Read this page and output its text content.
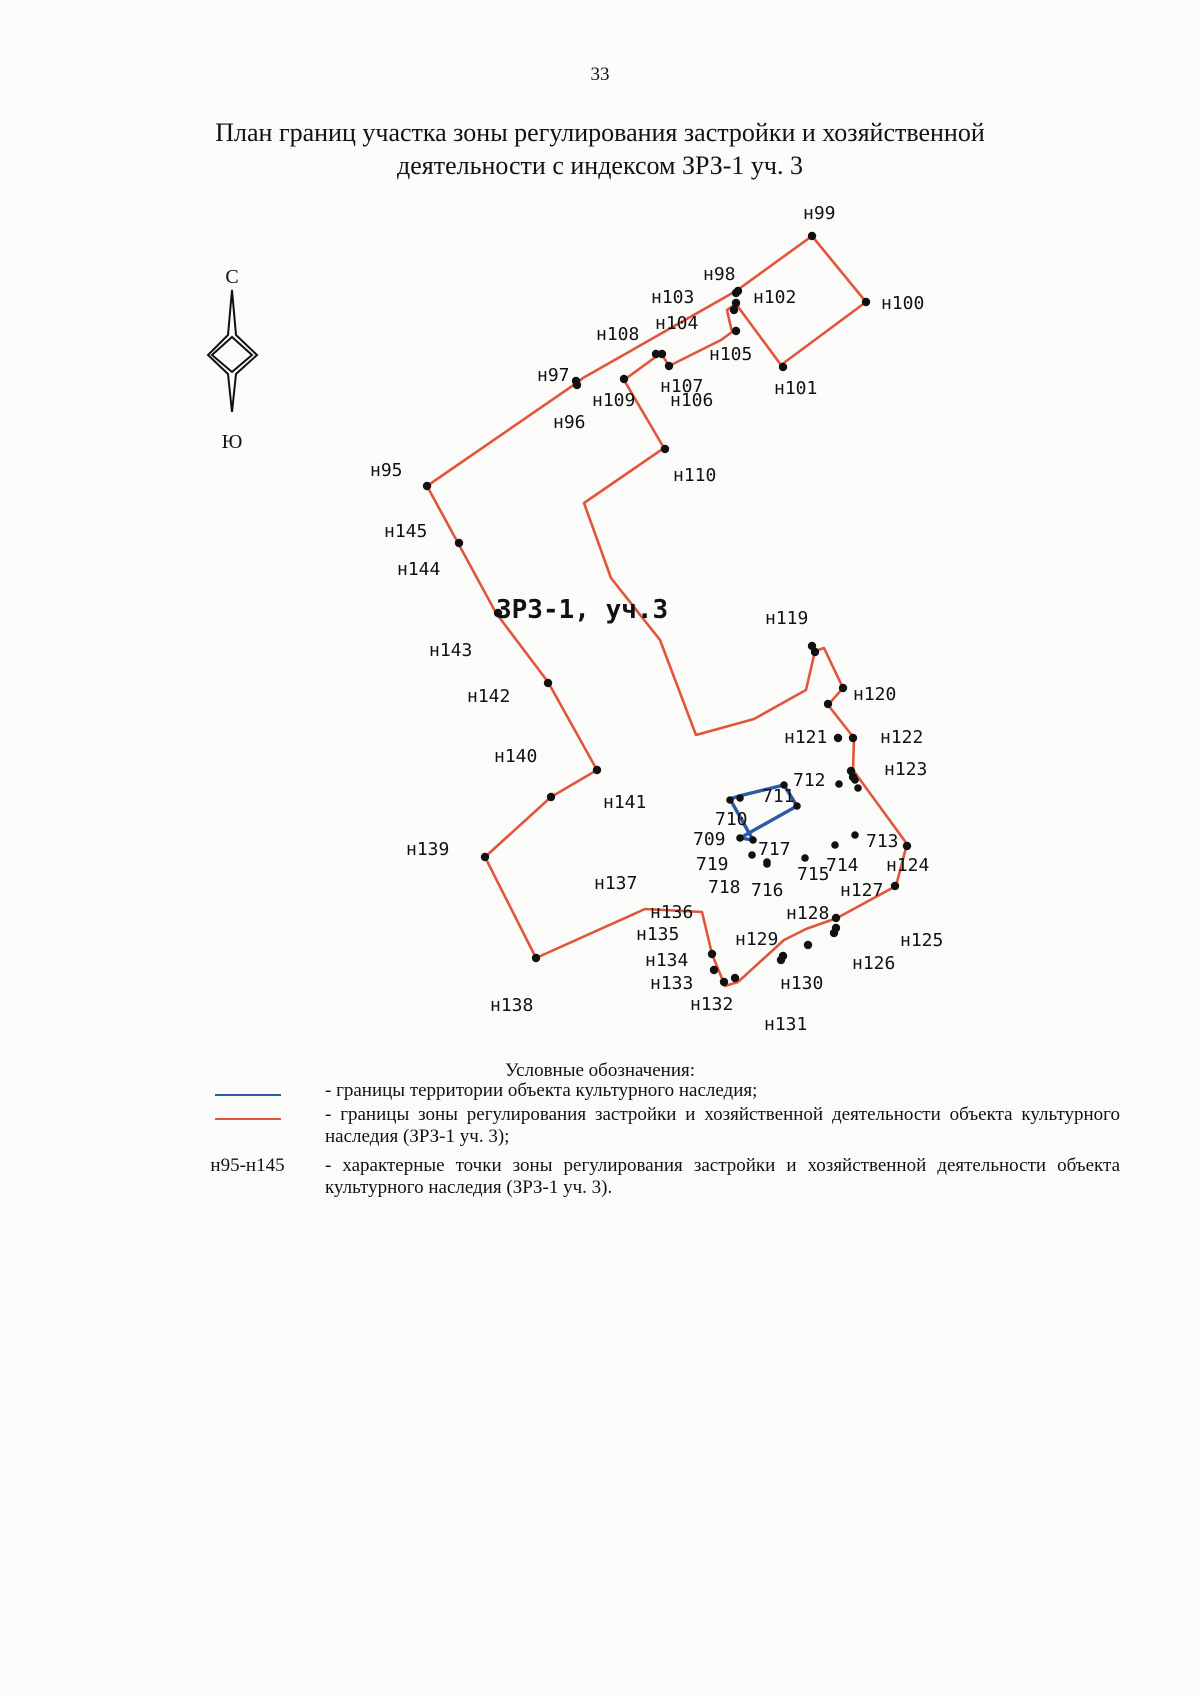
33
План границ участка зоны регулирования застройки и хозяйственной
деятельности с индексом ЗРЗ-1 уч. 3
С
Ю
н95
н96
н97
н98
н99
н100
н101
н102
н103
н104
н105
н106
н107
н108
н109
н110
н119
н120
н121	н122
н123
н124
н125
н126
н127
н128
н129
н130
н131
н132
н133
н134
н135
н136
н137
н138
н139
н140
н141
н142
н143
н144
н145
709
710
711
712
713
714
715
716
717
718
719
ЗРЗ-1, уч.3
Условные обозначения:
- границы территории объекта культурного наследия;
- границы зоны регулирования застройки и хозяйственной деятельности объекта культурного наследия (ЗРЗ-1 уч. 3);
н95-н145 - характерные точки зоны регулирования застройки и хозяйственной деятельности объекта культурного наследия (ЗРЗ-1 уч. 3).
